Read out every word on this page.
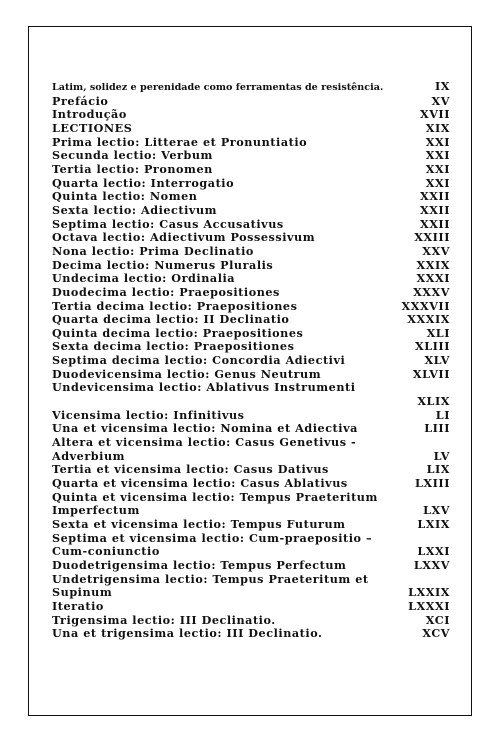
Latim, solidez e perenidade como ferramentas de resistência.	IX
Prefácio	XV
Introdução	XVII
LECTIONES	XIX
Prima lectio: Litterae et Pronuntiatio	XXI
Secunda lectio: Verbum	XXI
Tertia lectio: Pronomen	XXI
Quarta lectio: Interrogatio	XXI
Quinta lectio: Nomen	XXII
Sexta lectio: Adiectivum	XXII
Septima lectio: Casus Accusativus	XXII
Octava lectio: Adiectivum Possessivum	XXIII
Nona lectio: Prima Declinatio	XXV
Decima lectio: Numerus Pluralis	XXIX
Undecima lectio: Ordinalia	XXXI
Duodecima lectio: Praepositiones	XXXV
Tertia decima lectio: Praepositiones	XXXVII
Quarta decima lectio: II Declinatio	XXXIX
Quinta decima lectio: Praepositiones	XLI
Sexta decima lectio: Praepositiones	XLIII
Septima decima lectio: Concordia Adiectivi	XLV
Duodevicensima lectio: Genus Neutrum	XLVII
Undevicensima lectio: Ablativus Instrumenti
XLIX
Vicensima lectio: Infinitivus	LI
Una et vicensima lectio: Nomina et Adiectiva	LIII
Altera et vicensima lectio: Casus Genetivus -
Adverbium	LV
Tertia et vicensima lectio: Casus Dativus	LIX
Quarta et vicensima lectio: Casus Ablativus	LXIII
Quinta et vicensima lectio: Tempus Praeteritum
Imperfectum	LXV
Sexta et vicensima lectio: Tempus Futurum	LXIX
Septima et vicensima lectio: Cum-praepositio –
Cum-coniunctio	LXXI
Duodetrigensima lectio: Tempus Perfectum	LXXV
Undetrigensima lectio: Tempus Praeteritum et
Supinum	LXXIX
Iteratio	LXXXI
Trigensima lectio: III Declinatio.	XCI
Una et trigensima lectio: III Declinatio.	XCV
